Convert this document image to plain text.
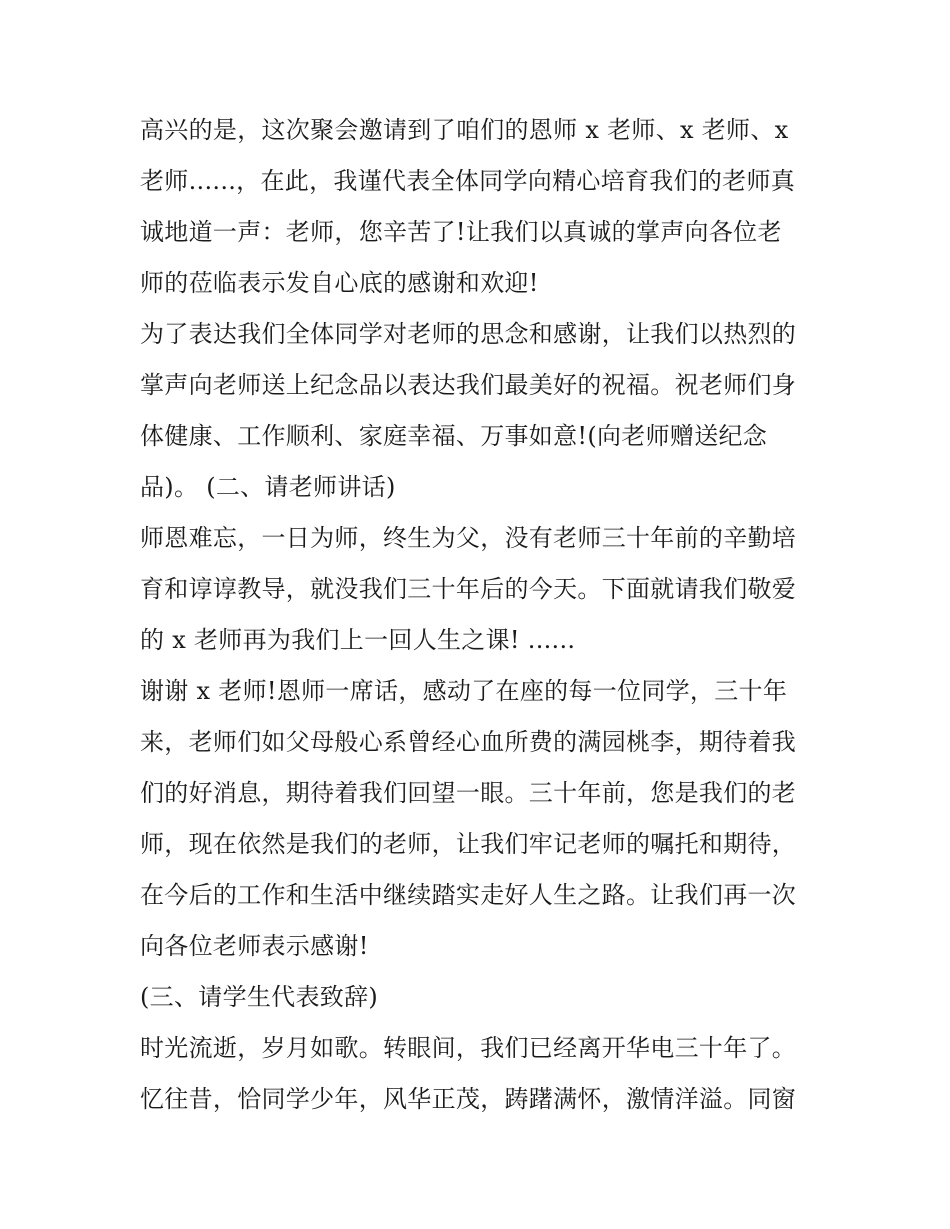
高兴的是，这次聚会邀请到了咱们的恩师 x 老师、x 老师、x
老师......，在此，我谨代表全体同学向精心培育我们的老师真
诚地道一声：老师，您辛苦了!让我们以真诚的掌声向各位老
师的莅临表示发自心底的感谢和欢迎!
为了表达我们全体同学对老师的思念和感谢，让我们以热烈的
掌声向老师送上纪念品以表达我们最美好的祝福。祝老师们身
体健康、工作顺利、家庭幸福、万事如意!(向老师赠送纪念
品)。 (二、请老师讲话)
师恩难忘，一日为师，终生为父，没有老师三十年前的辛勤培
育和谆谆教导，就没我们三十年后的今天。下面就请我们敬爱
的 x 老师再为我们上一回人生之课! ......
谢谢 x 老师!恩师一席话，感动了在座的每一位同学，三十年
来，老师们如父母般心系曾经心血所费的满园桃李，期待着我
们的好消息，期待着我们回望一眼。三十年前，您是我们的老
师，现在依然是我们的老师，让我们牢记老师的嘱托和期待，
在今后的工作和生活中继续踏实走好人生之路。让我们再一次
向各位老师表示感谢!
(三、请学生代表致辞)
时光流逝，岁月如歌。转眼间，我们已经离开华电三十年了。
忆往昔，恰同学少年，风华正茂，踌躇满怀，激情洋溢。同窗
